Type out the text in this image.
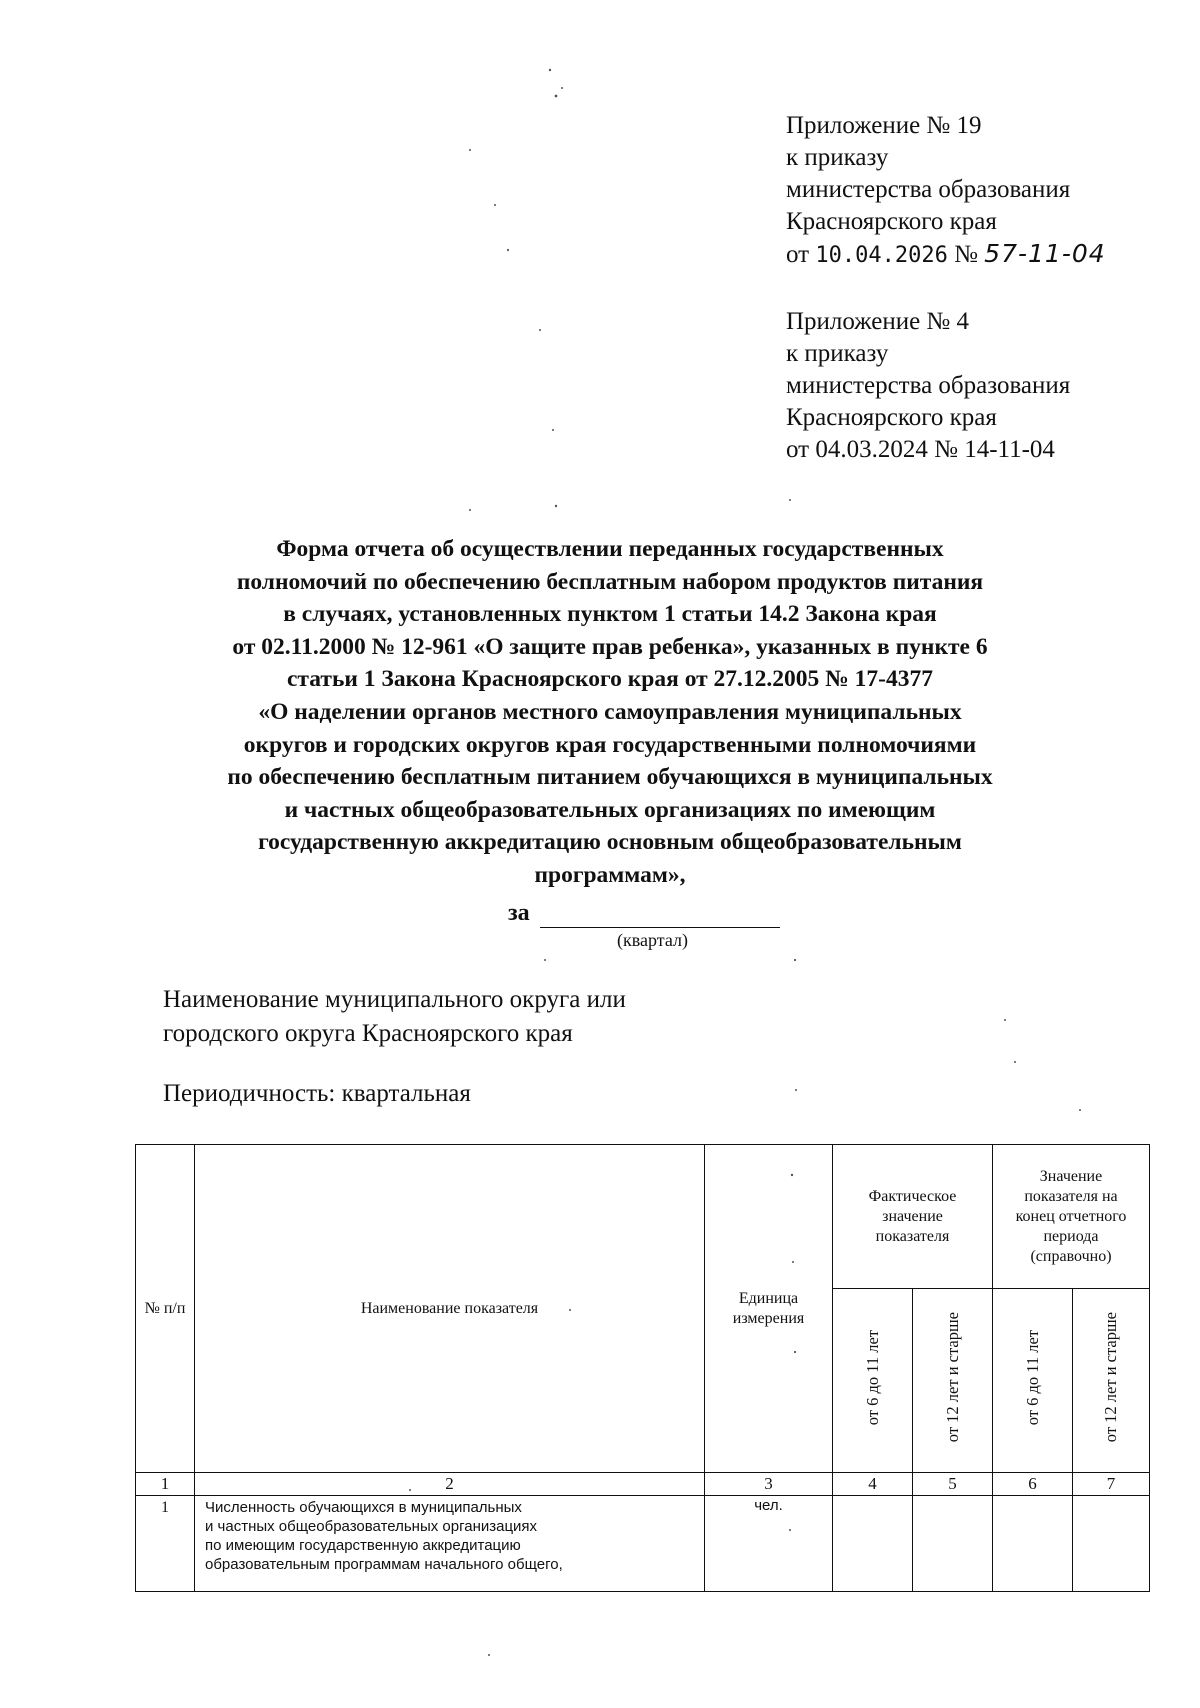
Приложение № 19
к приказу
министерства образования
Красноярского края
от 10.04.2026 № 57-11-04
Приложение № 4
к приказу
министерства образования
Красноярского края
от 04.03.2024 № 14-11-04
Форма отчета об осуществлении переданных государственных
полномочий по обеспечению бесплатным набором продуктов питания
в случаях, установленных пунктом 1 статьи 14.2 Закона края
от 02.11.2000 № 12-961 «О защите прав ребенка», указанных в пункте 6
статьи 1 Закона Красноярского края от 27.12.2005 № 17-4377
«О наделении органов местного самоуправления муниципальных
округов и городских округов края государственными полномочиями
по обеспечению бесплатным питанием обучающихся в муниципальных
и частных общеобразовательных организациях по имеющим
государственную аккредитацию основным общеобразовательным
программам»,
за
(квартал)
Наименование муниципального округа или
городского округа Красноярского края
Периодичность: квартальная
№ п/п	Наименование показателя	Единица измерения	Фактическое значение показателя		Значение показателя на конец отчетного периода (справочно)	
			от 6 до 11 лет	от 12 лет и старше	от 6 до 11 лет	от 12 лет и старше
1	2	3	4	5	6	7
1	Численность обучающихся в муниципальных
и частных общеобразовательных организациях
по имеющим государственную аккредитацию
образовательным программам начального общего,	чел.				
